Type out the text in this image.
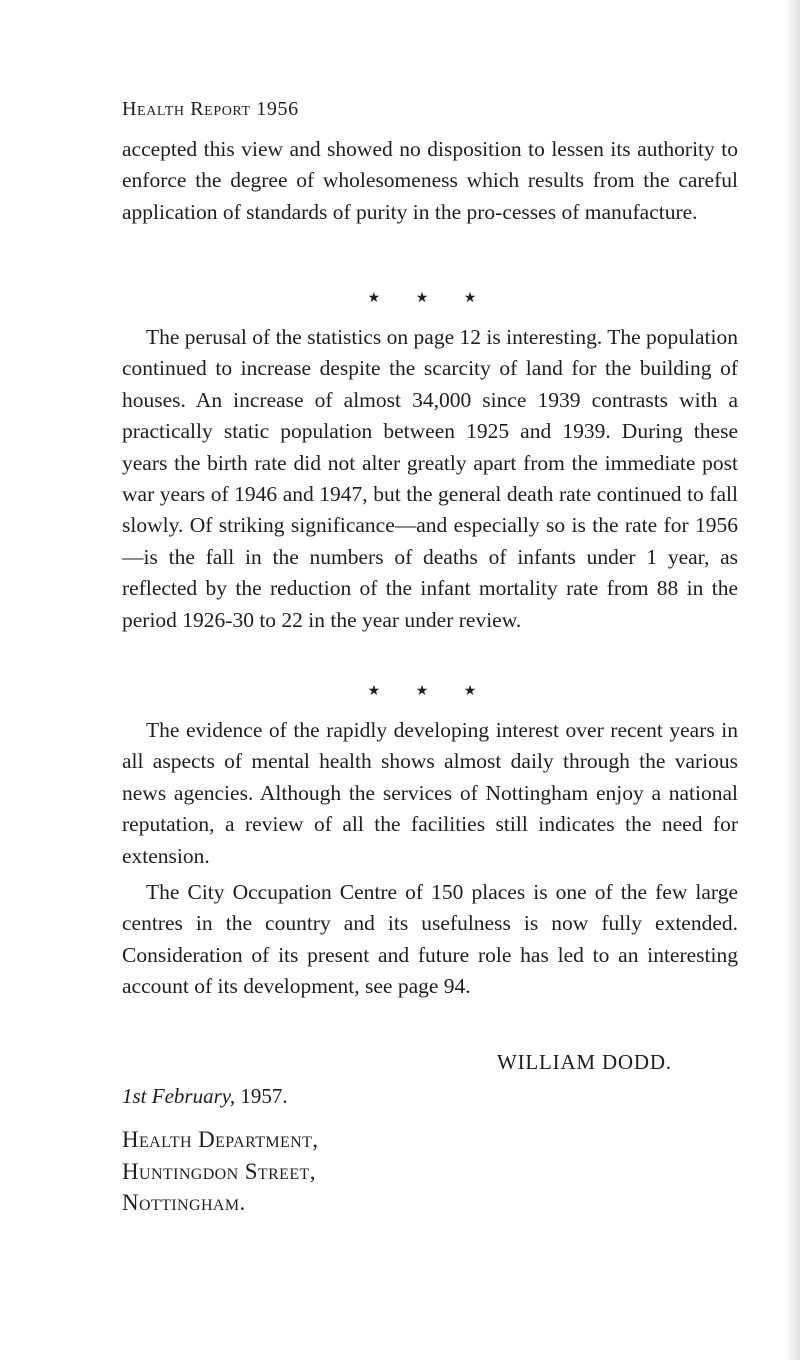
Health Report 1956

accepted this view and showed no disposition to lessen its authority to enforce the degree of wholesomeness which results from the careful application of standards of purity in the pro-cesses of manufacture.

★ ★ ★

The perusal of the statistics on page 12 is interesting. The population continued to increase despite the scarcity of land for the building of houses. An increase of almost 34,000 since 1939 contrasts with a practically static population between 1925 and 1939. During these years the birth rate did not alter greatly apart from the immediate post war years of 1946 and 1947, but the general death rate continued to fall slowly. Of striking significance—and especially so is the rate for 1956—is the fall in the numbers of deaths of infants under 1 year, as reflected by the reduction of the infant mortality rate from 88 in the period 1926-30 to 22 in the year under review.

★ ★ ★

The evidence of the rapidly developing interest over recent years in all aspects of mental health shows almost daily through the various news agencies. Although the services of Nottingham enjoy a national reputation, a review of all the facilities still indicates the need for extension.

The City Occupation Centre of 150 places is one of the few large centres in the country and its usefulness is now fully extended. Consideration of its present and future role has led to an interesting account of its development, see page 94.

WILLIAM DODD.
1st February, 1957.
Health Department,
Huntingdon Street,
Nottingham.
